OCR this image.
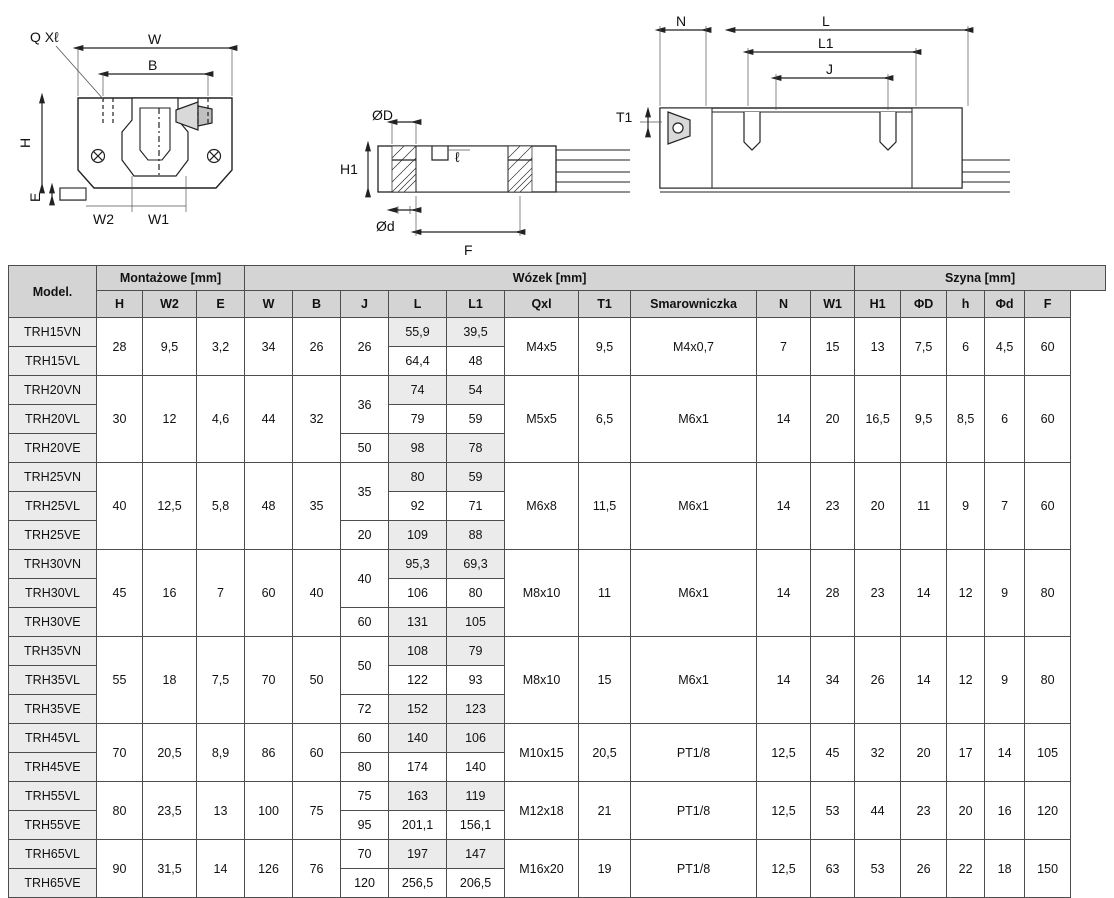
W
B
Q Xℓ
H
E
W2 W1
ØD
H1
ℓ
Ød
F
N	L
L1
J
T1
Model.	Montażowe [mm]			Wózek [mm]										Szyna [mm]				
	H	W2	E	W	B	J	L	L1	Qxl	T1	Smarowniczka	N	W1	H1	ΦD	h	Φd	F
TRH15VN	28	9,5	3,2	34	26	26	55,9	39,5	M4x5	9,5	M4x0,7	7	15	13	7,5	6	4,5	60
TRH15VL							64,4	48										
TRH20VN	30	12	4,6	44	32	36	74	54	M5x5	6,5	M6x1	14	20	16,5	9,5	8,5	6	60
TRH20VL							79	59										
TRH20VE						50	98	78										
TRH25VN	40	12,5	5,8	48	35	35	80	59	M6x8	11,5	M6x1	14	23	20	11	9	7	60
TRH25VL							92	71										
TRH25VE						20	109	88										
TRH30VN	45	16	7	60	40	40	95,3	69,3	M8x10	11	M6x1	14	28	23	14	12	9	80
TRH30VL							106	80										
TRH30VE						60	131	105										
TRH35VN	55	18	7,5	70	50	50	108	79	M8x10	15	M6x1	14	34	26	14	12	9	80
TRH35VL							122	93										
TRH35VE						72	152	123										
TRH45VL	70	20,5	8,9	86	60	60	140	106	M10x15	20,5	PT1/8	12,5	45	32	20	17	14	105
TRH45VE						80	174	140										
TRH55VL	80	23,5	13	100	75	75	163	119	M12x18	21	PT1/8	12,5	53	44	23	20	16	120
TRH55VE						95	201,1	156,1										
TRH65VL	90	31,5	14	126	76	70	197	147	M16x20	19	PT1/8	12,5	63	53	26	22	18	150
TRH65VE						120	256,5	206,5										
